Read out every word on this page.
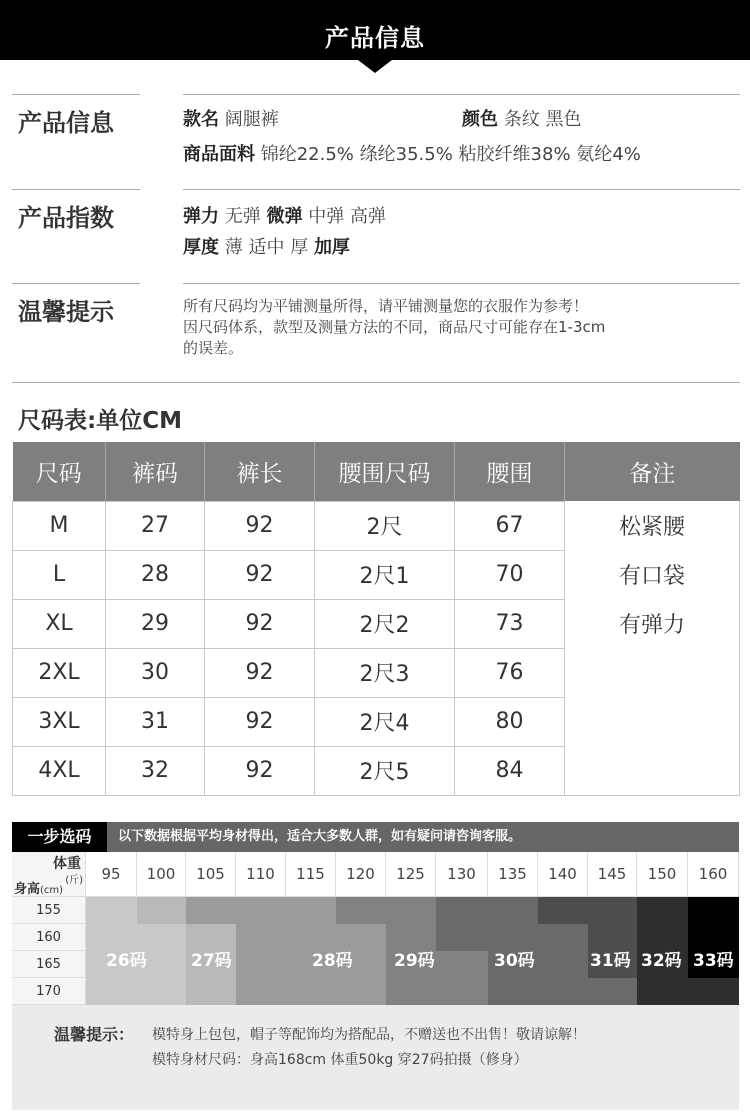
产品信息
产品信息	款名 阔腿裤	颜色 条纹 黑色
商品面料 锦纶22.5% 绦纶35.5% 粘胶纤维38% 氨纶4%
产品指数	弹力 无弹 微弹 中弹 高弹
厚度 薄 适中 厚 加厚
温馨提示	所有尺码均为平铺测量所得，请平铺测量您的衣服作为参考！
因尺码体系，款型及测量方法的不同，商品尺寸可能存在1-3cm
的误差。
尺码表:单位CM
尺码	裤码	裤长	腰围尺码	腰围	备注
M	27	92	2尺	67	松紧腰
L	28	92	2尺1	70	有口袋
XL	29	92	2尺2	73	有弹力
2XL	30	92	2尺3	76	
3XL	31	92	2尺4	80	
4XL	32	92	2尺5	84	
一步选码	以下数据根据平均身材得出，适合大多数人群，如有疑问请咨询客服。
体重
(斤)
身高(cm)
95	100	105	110	115	120	125	130	135	140	145	150	160
155
160
165
170
26码	27码	28码 29码	30码	31码 32码 33码
温馨提示： 模特身上包包，帽子等配饰均为搭配品，不赠送也不出售！敬请谅解！
模特身材尺码：身高168cm 体重50kg 穿27码拍摄（修身）
